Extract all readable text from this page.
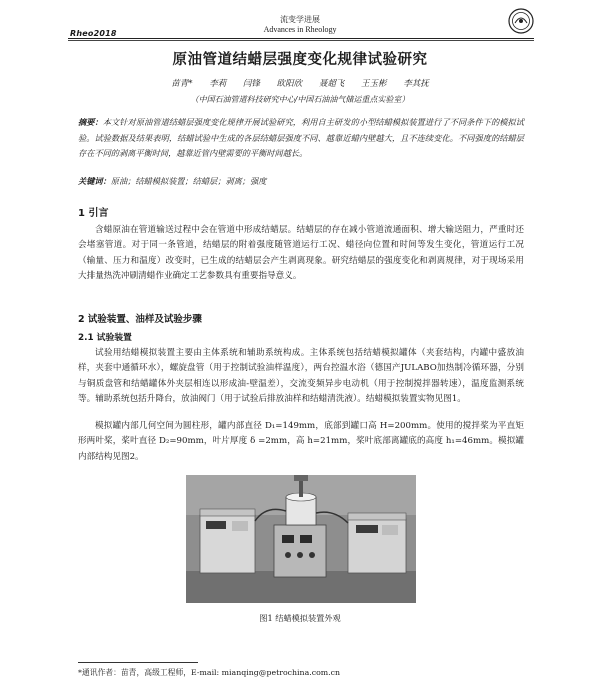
Rheo2018
流变学进展
Advances in Rheology
原油管道结蜡层强度变化规律试验研究
苗青* 李莉 闫锋 欧阳欣 聂超飞 王玉彬 李其抚
（中国石油管道科技研究中心/中国石油油气储运重点实验室）
摘要：本文针对原油管道结蜡层强度变化规律开展试验研究，利用自主研发的小型结蜡模拟装置进行了不同条件下的模拟试验。试验数据及结果表明，结蜡试验中生成的各层结蜡层强度不同、越靠近蜡内壁越大，且不连续变化。不同强度的结蜡层存在不同的剥离平衡时间，越靠近管内壁需要的平衡时间越长。
关键词：原油；结蜡模拟装置；结蜡层；剥离；强度
1 引言
含蜡原油在管道输送过程中会在管道中形成结蜡层。结蜡层的存在减小管道流通面积、增大输送阻力，严重时还会堵塞管道。对于同一条管道，结蜡层的附着强度随管道运行工况、蜡径向位置和时间等发生变化，管道运行工况（输量、压力和温度）改变时，已生成的结蜡层会产生剥离现象。研究结蜡层的强度变化和剥离规律，对于现场采用大排量热洗冲刷清蜡作业确定工艺参数具有重要指导意义。
2 试验装置、油样及试验步骤
2.1 试验装置
试验用结蜡模拟装置主要由主体系统和辅助系统构成。主体系统包括结蜡模拟罐体（夹套结构，内罐中盛放油样，夹套中通循环水），螺旋盘管（用于控制试验油样温度），两台控温水浴（德国产JULABO加热制冷循环器，分别与铜质盘管和结蜡罐体外夹层相连以形成油-壁温差），交流变频异步电动机（用于控制搅拌器转速），温度监测系统等。辅助系统包括升降台，放油阀门（用于试验后排放油样和结蜡清洗液）。结蜡模拟装置实物见图1。
模拟罐内部几何空间为圆柱形，罐内部直径 D₁=149mm，底部到罐口高 H=200mm。使用的搅拌桨为平直矩形两叶桨，桨叶直径 D₂=90mm，叶片厚度 δ =2mm，高 h=21mm，桨叶底部离罐底的高度 h₁=46mm。模拟罐内部结构见图2。
图1 结蜡模拟装置外观
*通讯作者：苗青，高级工程师，E-mail: mianqing@petrochina.com.cn
